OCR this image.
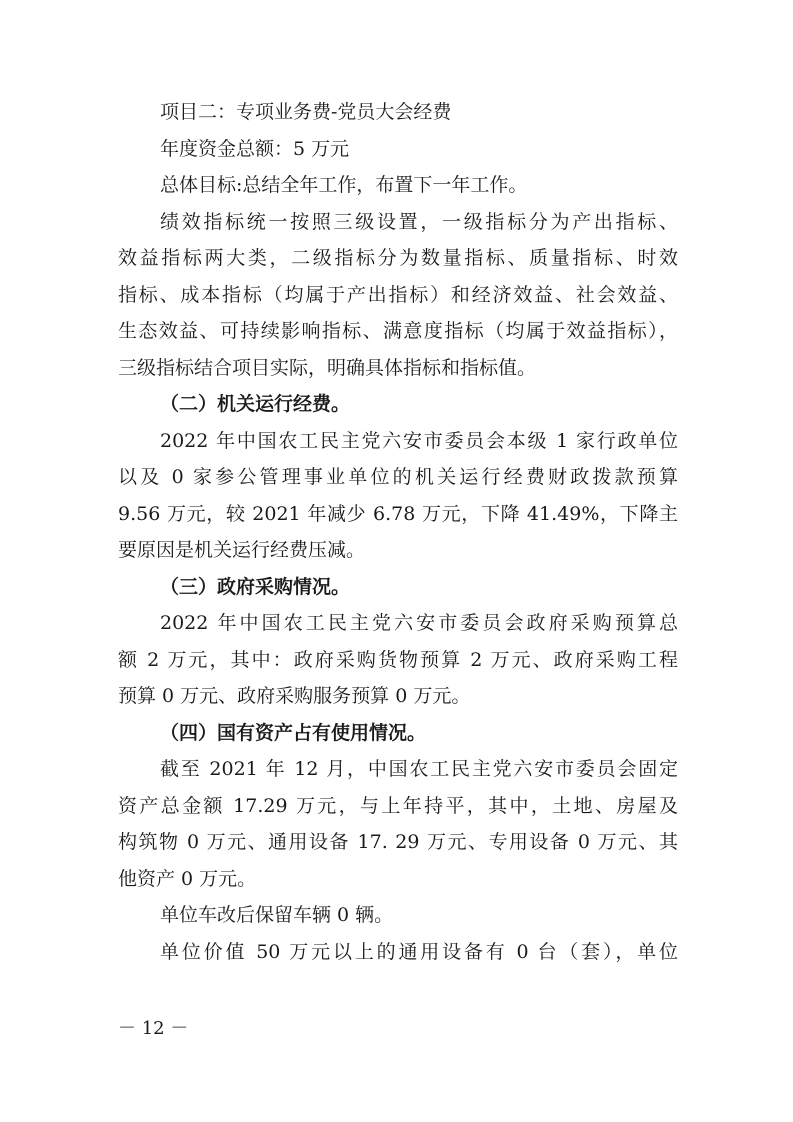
项目二：专项业务费-党员大会经费
年度资金总额：5 万元
总体目标:总结全年工作，布置下一年工作。
绩效指标统一按照三级设置，一级指标分为产出指标、
效益指标两大类，二级指标分为数量指标、质量指标、时效
指标、成本指标（均属于产出指标）和经济效益、社会效益、
生态效益、可持续影响指标、满意度指标（均属于效益指标），
三级指标结合项目实际，明确具体指标和指标值。
（二）机关运行经费。
2022 年中国农工民主党六安市委员会本级 1 家行政单位
以及 0 家参公管理事业单位的机关运行经费财政拨款预算
9.56 万元，较 2021 年减少 6.78 万元，下降 41.49%，下降主
要原因是机关运行经费压减。
（三）政府采购情况。
2022 年中国农工民主党六安市委员会政府采购预算总
额 2 万元，其中：政府采购货物预算 2 万元、政府采购工程
预算 0 万元、政府采购服务预算 0 万元。
（四）国有资产占有使用情况。
截至 2021 年 12 月，中国农工民主党六安市委员会固定
资产总金额 17.29 万元，与上年持平，其中，土地、房屋及
构筑物 0 万元、通用设备 17. 29 万元、专用设备 0 万元、其
他资产 0 万元。
单位车改后保留车辆 0 辆。
单位价值 50 万元以上的通用设备有 0 台（套），单位
－ 12 －
